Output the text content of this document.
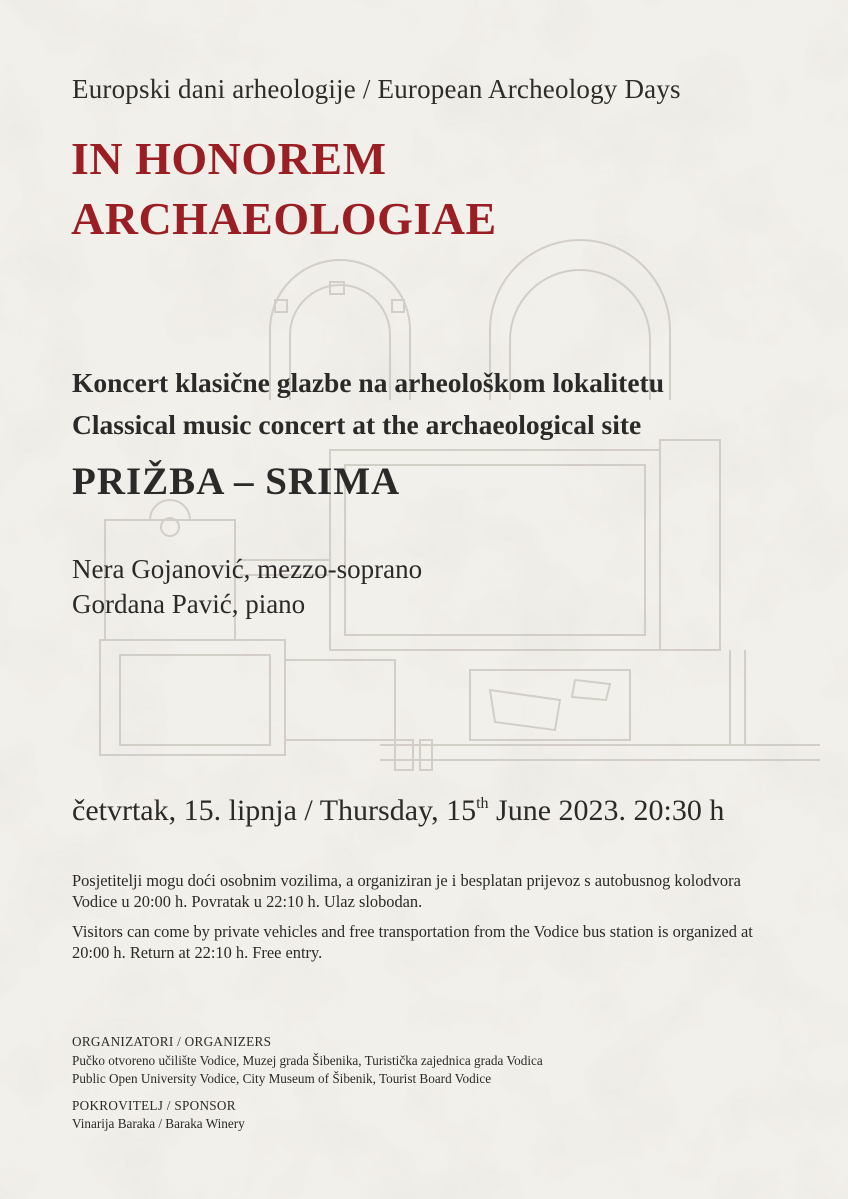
Europski dani arheologije / European Archeology Days
IN HONOREM
ARCHAEOLOGIAE
Koncert klasične glazbe na arheološkom lokalitetu
Classical music concert at the archaeological site
PRIŽBA – SRIMA
Nera Gojanović, mezzo-soprano
Gordana Pavić, piano
četvrtak, 15. lipnja / Thursday, 15th June 2023. 20:30 h
Posjetitelji mogu doći osobnim vozilima, a organiziran je i besplatan prijevoz s autobusnog kolodvora Vodice u 20:00 h. Povratak u 22:10 h. Ulaz slobodan.
Visitors can come by private vehicles and free transportation from the Vodice bus station is organized at 20:00 h. Return at 22:10 h. Free entry.
ORGANIZATORI / ORGANIZERS
Pučko otvoreno učilište Vodice, Muzej grada Šibenika, Turistička zajednica grada Vodica
Public Open University Vodice, City Museum of Šibenik, Tourist Board Vodice
POKROVITELJ / SPONSOR
Vinarija Baraka / Baraka Winery
